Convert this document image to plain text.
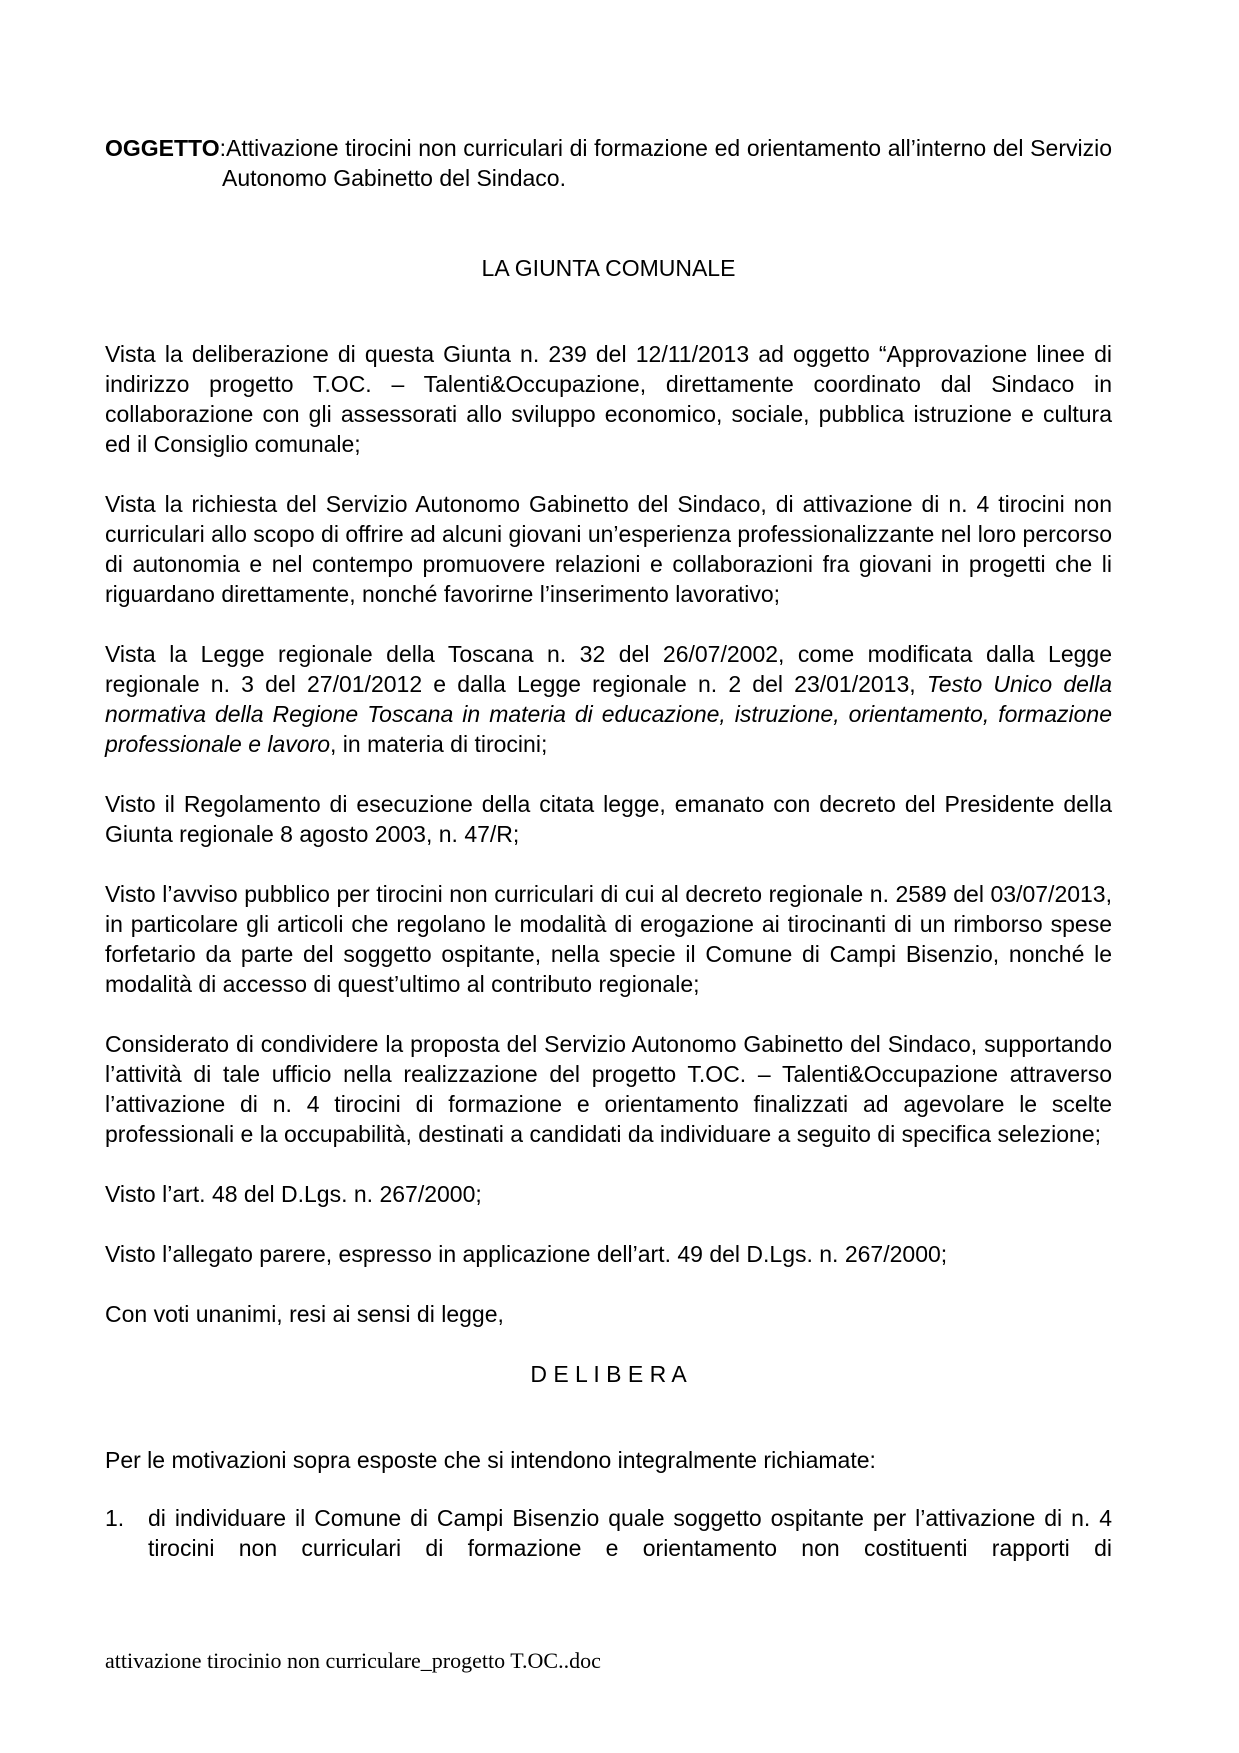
OGGETTO:Attivazione tirocini non curriculari di formazione ed orientamento all’interno del Servizio Autonomo Gabinetto del Sindaco.

LA GIUNTA COMUNALE

Vista la deliberazione di questa Giunta n. 239 del 12/11/2013 ad oggetto “Approvazione linee di indirizzo progetto T.OC. – Talenti&Occupazione, direttamente coordinato dal Sindaco in collaborazione con gli assessorati allo sviluppo economico, sociale, pubblica istruzione e cultura ed il Consiglio comunale;

Vista la richiesta del Servizio Autonomo Gabinetto del Sindaco, di attivazione di n. 4 tirocini non curriculari allo scopo di offrire ad alcuni giovani un’esperienza professionalizzante nel loro percorso di autonomia e nel contempo promuovere relazioni e collaborazioni fra giovani in progetti che li riguardano direttamente, nonché favorirne l’inserimento lavorativo;

Vista la Legge regionale della Toscana n. 32 del 26/07/2002, come modificata dalla Legge regionale n. 3 del 27/01/2012 e dalla Legge regionale n. 2 del 23/01/2013, Testo Unico della normativa della Regione Toscana in materia di educazione, istruzione, orientamento, formazione professionale e lavoro, in materia di tirocini;

Visto il Regolamento di esecuzione della citata legge, emanato con decreto del Presidente della Giunta regionale 8 agosto 2003, n. 47/R;

Visto l’avviso pubblico per tirocini non curriculari di cui al decreto regionale n. 2589 del 03/07/2013, in particolare gli articoli che regolano le modalità di erogazione ai tirocinanti di un rimborso spese forfetario da parte del soggetto ospitante, nella specie il Comune di Campi Bisenzio, nonché le modalità di accesso di quest’ultimo al contributo regionale;

Considerato di condividere la proposta del Servizio Autonomo Gabinetto del Sindaco, supportando l’attività di tale ufficio nella realizzazione del progetto T.OC. – Talenti&Occupazione attraverso l’attivazione di n. 4 tirocini di formazione e orientamento finalizzati ad agevolare le scelte professionali e la occupabilità, destinati a candidati da individuare a seguito di specifica selezione;

Visto l’art. 48 del D.Lgs. n. 267/2000;

Visto l’allegato parere, espresso in applicazione dell’art. 49 del D.Lgs. n. 267/2000;

Con voti unanimi, resi ai sensi di legge,

D E L I B E R A

Per le motivazioni sopra esposte che si intendono integralmente richiamate:

1.	di individuare il Comune di Campi Bisenzio quale soggetto ospitante per l’attivazione di n. 4 tirocini non curriculari di formazione e orientamento non costituenti rapporti di
attivazione tirocinio non curriculare_progetto T.OC..doc
